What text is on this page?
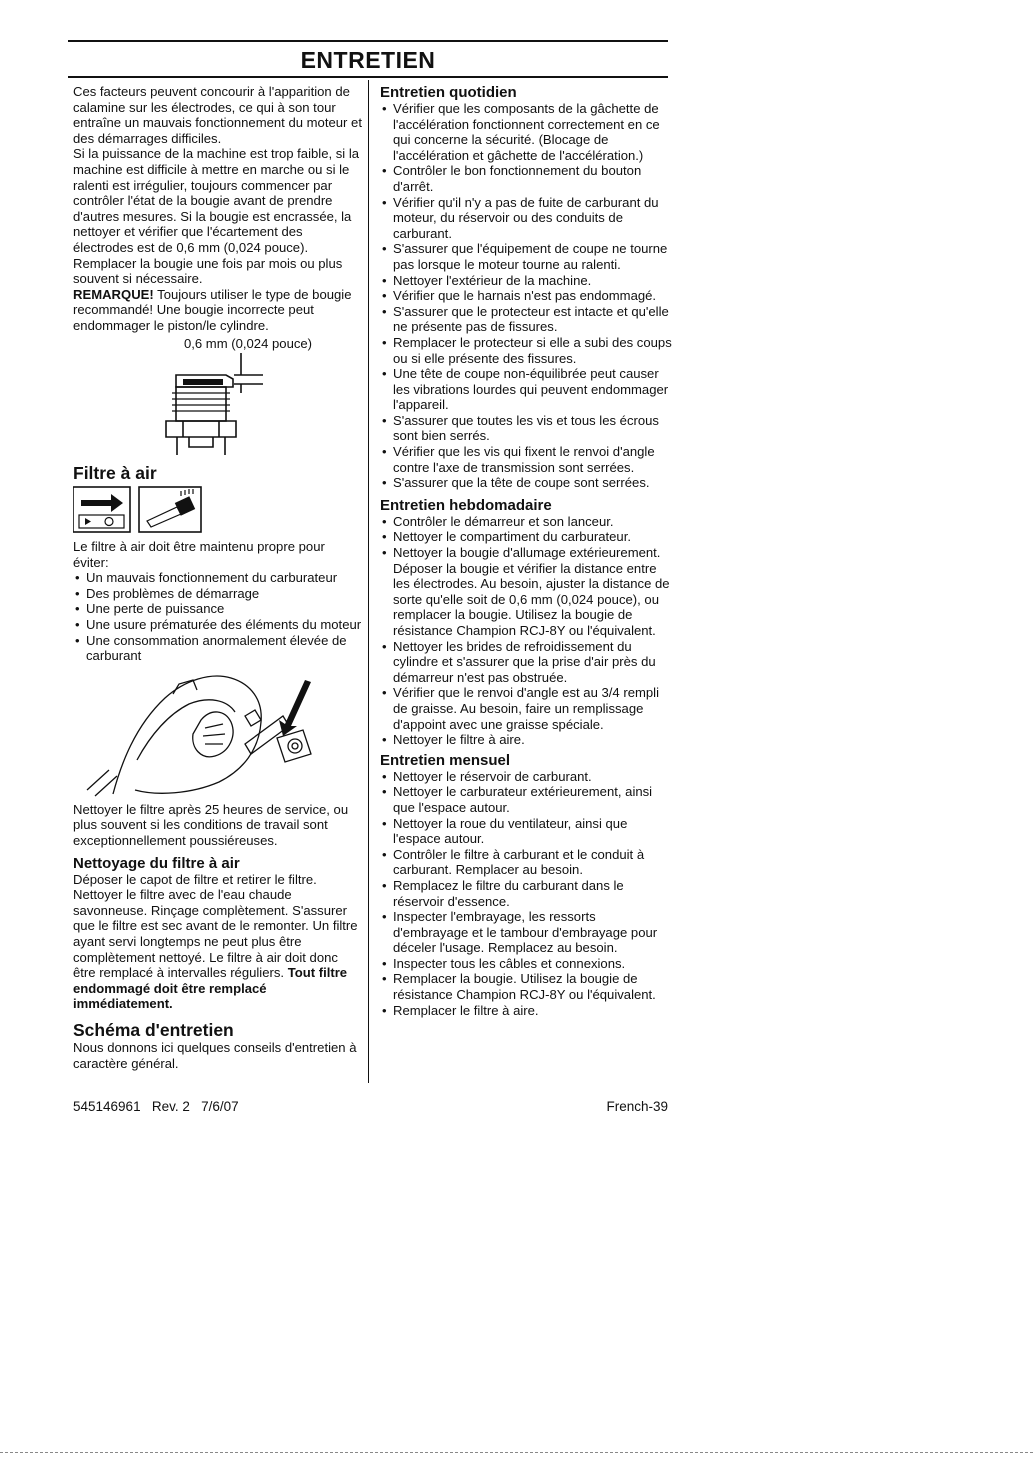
ENTRETIEN

Ces facteurs peuvent concourir à l'apparition de calamine sur les électrodes, ce qui à son tour entraîne un mauvais fonctionnement du moteur et des démarrages difficiles.

Si la puissance de la machine est trop faible, si la machine est difficile à mettre en marche ou si le ralenti est irrégulier, toujours commencer par contrôler l'état de la bougie avant de prendre d'autres mesures. Si la bougie est encrassée, la nettoyer et vérifier que l'écartement des électrodes est de 0,6 mm (0,024 pouce). Remplacer la bougie une fois par mois ou plus souvent si nécessaire.

REMARQUE! Toujours utiliser le type de bougie recommandé! Une bougie incorrecte peut endommager le piston/le cylindre.

0,6 mm (0,024 pouce)

Filtre à air

Le filtre à air doit être maintenu propre pour éviter:

• Un mauvais fonctionnement du carburateur
• Des problèmes de démarrage
• Une perte de puissance
• Une usure prématurée des éléments du moteur
• Une consommation anormalement élevée de carburant

Nettoyer le filtre après 25 heures de service, ou plus souvent si les conditions de travail sont exceptionnellement poussiéreuses.

Nettoyage du filtre à air

Déposer le capot de filtre et retirer le filtre. Nettoyer le filtre avec de l'eau chaude savonneuse. Rinçage complètement. S'assurer que le filtre est sec avant de le remonter. Un filtre ayant servi longtemps ne peut plus être complètement nettoyé. Le filtre à air doit donc être remplacé à intervalles réguliers. Tout filtre endommagé doit être remplacé immédiatement.

Schéma d'entretien

Nous donnons ici quelques conseils d'entretien à caractère général.

Entretien quotidien

• Vérifier que les composants de la gâchette de l'accélération fonctionnent correctement en ce qui concerne la sécurité. (Blocage de l'accélération et gâchette de l'accélération.)
• Contrôler le bon fonctionnement du bouton d'arrêt.
• Vérifier qu'il n'y a pas de fuite de carburant du moteur, du réservoir ou des conduits de carburant.
• S'assurer que l'équipement de coupe ne tourne pas lorsque le moteur tourne au ralenti.
• Nettoyer l'extérieur de la machine.
• Vérifier que le harnais n'est pas endommagé.
• S'assurer que le protecteur est intacte et qu'elle ne présente pas de fissures.
• Remplacer le protecteur si elle a subi des coups ou si elle présente des fissures.
• Une tête de coupe non-équilibrée peut causer les vibrations lourdes qui peuvent endommager l'appareil.
• S'assurer que toutes les vis et tous les écrous sont bien serrés.
• Vérifier que les vis qui fixent le renvoi d'angle contre l'axe de transmission sont serrées.
• S'assurer que la tête de coupe sont serrées.

Entretien hebdomadaire

• Contrôler le démarreur et son lanceur.
• Nettoyer le compartiment du carburateur.
• Nettoyer la bougie d'allumage extérieurement. Déposer la bougie et vérifier la distance entre les électrodes. Au besoin, ajuster la distance de sorte qu'elle soit de 0,6 mm (0,024 pouce), ou remplacer la bougie. Utilisez la bougie de résistance Champion RCJ-8Y ou l'équivalent.
• Nettoyer les brides de refroidissement du cylindre et s'assurer que la prise d'air près du démarreur n'est pas obstruée.
• Vérifier que le renvoi d'angle est au 3/4 rempli de graisse. Au besoin, faire un remplissage d'appoint avec une graisse spéciale.
• Nettoyer le filtre à aire.

Entretien mensuel

• Nettoyer le réservoir de carburant.
• Nettoyer le carburateur extérieurement, ainsi que l'espace autour.
• Nettoyer la roue du ventilateur, ainsi que l'espace autour.
• Contrôler le filtre à carburant et le conduit à carburant. Remplacer au besoin.
• Remplacez le filtre du carburant dans le réservoir d'essence.
• Inspecter l'embrayage, les ressorts d'embrayage et le tambour d'embrayage pour déceler l'usage. Remplacez au besoin.
• Inspecter tous les câbles et connexions.
• Remplacer la bougie. Utilisez la bougie de résistance Champion RCJ-8Y ou l'équivalent.
• Remplacer le filtre à aire.
545146961   Rev. 2   7/6/07	French-39
